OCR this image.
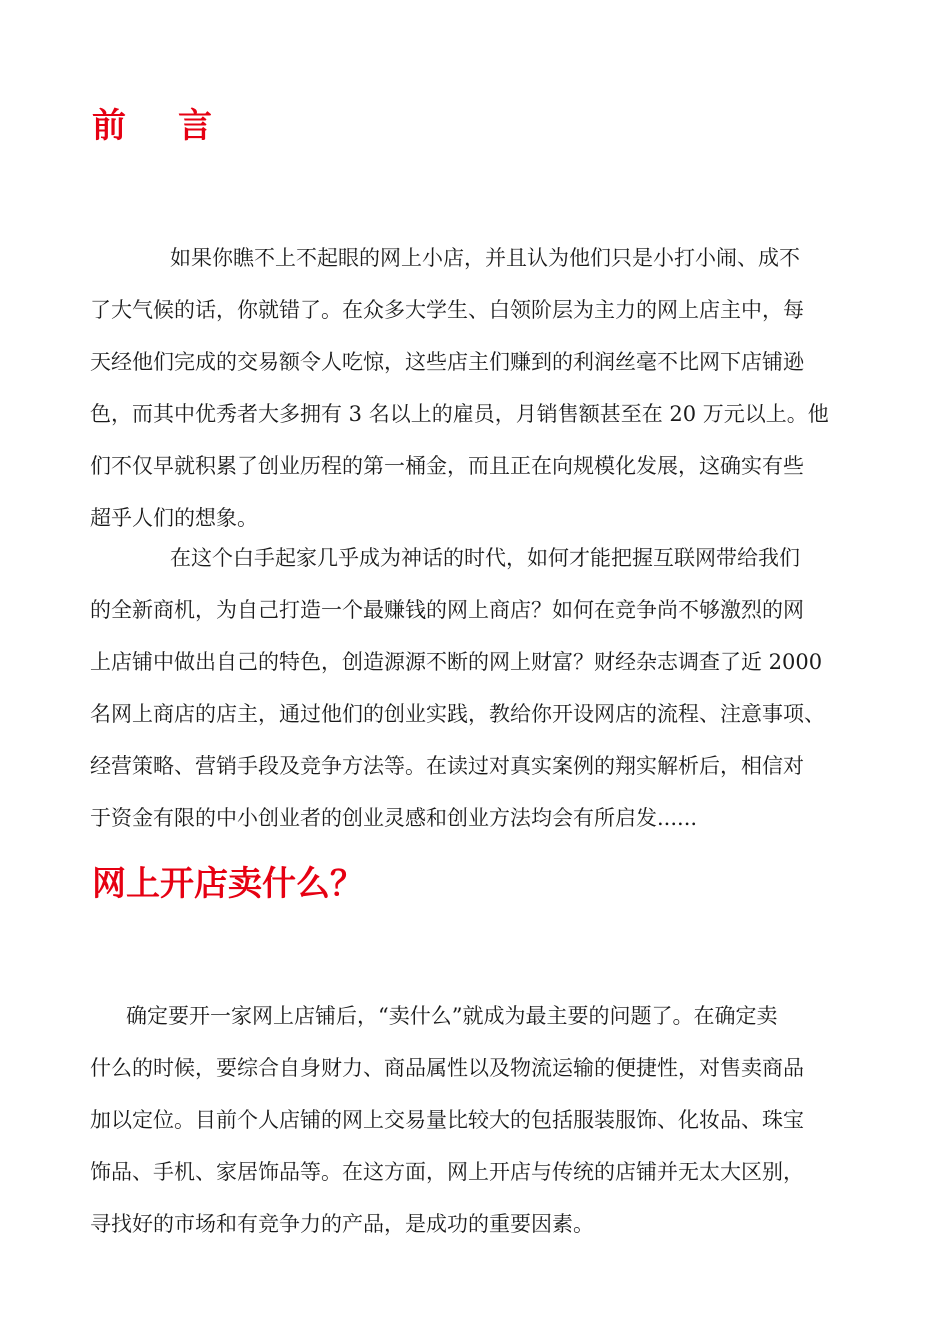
前 言
如果你瞧不上不起眼的网上小店，并且认为他们只是小打小闹、成不
了大气候的话，你就错了。在众多大学生、白领阶层为主力的网上店主中，每
天经他们完成的交易额令人吃惊，这些店主们赚到的利润丝毫不比网下店铺逊
色，而其中优秀者大多拥有 3 名以上的雇员，月销售额甚至在 20 万元以上。他
们不仅早就积累了创业历程的第一桶金，而且正在向规模化发展，这确实有些
超乎人们的想象。
在这个白手起家几乎成为神话的时代，如何才能把握互联网带给我们
的全新商机，为自己打造一个最赚钱的网上商店？如何在竞争尚不够激烈的网
上店铺中做出自己的特色，创造源源不断的网上财富？财经杂志调查了近 2000
名网上商店的店主，通过他们的创业实践，教给你开设网店的流程、注意事项、
经营策略、营销手段及竞争方法等。在读过对真实案例的翔实解析后，相信对
于资金有限的中小创业者的创业灵感和创业方法均会有所启发......
网上开店卖什么？
确定要开一家网上店铺后，“卖什么”就成为最主要的问题了。在确定卖
什么的时候，要综合自身财力、商品属性以及物流运输的便捷性，对售卖商品
加以定位。目前个人店铺的网上交易量比较大的包括服装服饰、化妆品、珠宝
饰品、手机、家居饰品等。在这方面，网上开店与传统的店铺并无太大区别，
寻找好的市场和有竞争力的产品，是成功的重要因素。
